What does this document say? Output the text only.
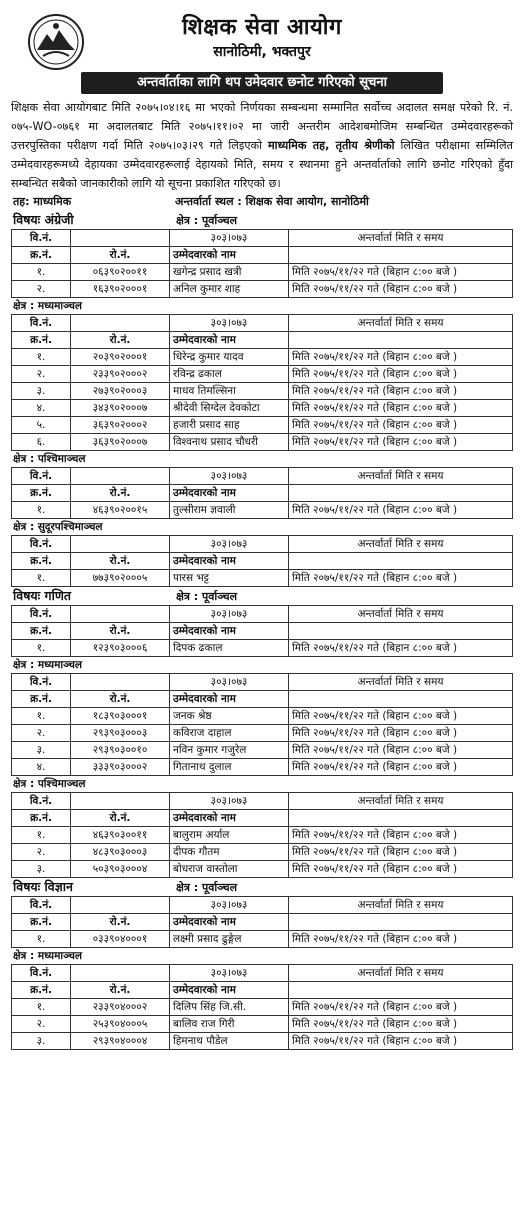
शिक्षक सेवा आयोग
सानोठिमी, भक्तपुर
अन्तर्वार्ताका लागि थप उमेदवार छनोट गरिएको सूचना
शिक्षक सेवा आयोगबाट मिति २०७५।०४।१६ मा भएको निर्णयका सम्बन्धमा सम्मानित सर्वोच्च अदालत समक्ष परेको रि. नं. ०७५-WO-०७६१ मा अदालतबाट मिति २०७५।११।०२ मा जारी अन्तरीम आदेशबमोजिम सम्बन्धित उम्मेदवारहरूको उत्तरपुस्तिका परीक्षण गर्दा मिति २०७५।०३।२९ गते लिइएको माध्यमिक तह, तृतीय श्रेणीको लिखित परीक्षामा सम्मिलित उम्मेदवारहरूमध्ये देहायका उम्मेदवारहरूलाई देहायको मिति, समय र स्थानमा हुने अन्तर्वार्ताको लागि छनोट गरिएको हुँदा सम्बन्धित सबैको जानकारीको लागि यो सूचना प्रकाशित गरिएको छ।
तह: माध्यमिक	अन्तर्वार्ता स्थल : शिक्षक सेवा आयोग, सानोठिमी
विषयः अंग्रेजी	क्षेत्र : पूर्वाञ्चल
वि.नं.		३०३।०७३	अन्तर्वार्ता मिति र समय
क्र.नं.	रो.नं.	उम्मेदवारको नाम	
१.	०६३९०२००११	खगेन्द्र प्रसाद खत्री	मिति २०७५/११/२२ गते (बिहान ८:०० बजे )
२.	१६३९०२०००१	अनिल कुमार शाह	मिति २०७५/११/२२ गते (बिहान ८:०० बजे )
क्षेत्र : मध्यमाञ्चल
वि.नं.		३०३।०७३	अन्तर्वार्ता मिति र समय
क्र.नं.	रो.नं.	उम्मेदवारको नाम	
१.	२०३९०२०००१	धिरेन्द्र कुमार यादव	मिति २०७५/११/२२ गते (बिहान ८:०० बजे )
२.	२३३९०२०००२	रविन्द्र ढकाल	मिति २०७५/११/२२ गते (बिहान ८:०० बजे )
३.	२७३९०२०००३	माधव तिमल्सिना	मिति २०७५/११/२२ गते (बिहान ८:०० बजे )
४.	३४३९०२०००७	श्रीदेवी सिग्देल देवकोटा	मिति २०७५/११/२२ गते (बिहान ८:०० बजे )
५.	३६३९०२०००२	हजारी प्रसाद साह	मिति २०७५/११/२२ गते (बिहान ८:०० बजे )
६.	३६३९०२०००७	विश्वनाथ प्रसाद चौधरी	मिति २०७५/११/२२ गते (बिहान ८:०० बजे )
क्षेत्र : पश्चिमाञ्चल
वि.नं.		३०३।०७३	अन्तर्वार्ता मिति र समय
क्र.नं.	रो.नं.	उम्मेदवारको नाम	
१.	४६३९०२००१५	तुल्सीराम ज्ञवाली	मिति २०७५/११/२२ गते (बिहान ८:०० बजे )
क्षेत्र : सुदूरपश्चिमाञ्चल
वि.नं.		३०३।०७३	अन्तर्वार्ता मिति र समय
क्र.नं.	रो.नं.	उम्मेदवारको नाम	
१.	७७३९०२०००५	पारस भट्ट	मिति २०७५/११/२२ गते (बिहान ८:०० बजे )
विषयः गणित	क्षेत्र : पूर्वाञ्चल
वि.नं.		३०३।०७३	अन्तर्वार्ता मिति र समय
क्र.नं.	रो.नं.	उम्मेदवारको नाम	
१.	१२३९०३०००६	दिपक ढकाल	मिति २०७५/११/२२ गते (बिहान ८:०० बजे )
क्षेत्र : मध्यमाञ्चल
वि.नं.		३०३।०७३	अन्तर्वार्ता मिति र समय
क्र.नं.	रो.नं.	उम्मेदवारको नाम	
१.	१८३९०३०००१	जनक श्रेष्ठ	मिति २०७५/११/२२ गते (बिहान ८:०० बजे )
२.	२९३९०३०००३	कविराज दाहाल	मिति २०७५/११/२२ गते (बिहान ८:०० बजे )
३.	२९३९०३००१०	नविन कुमार गजुरेल	मिति २०७५/११/२२ गते (बिहान ८:०० बजे )
४.	३३३९०३०००२	गितानाथ दुलाल	मिति २०७५/११/२२ गते (बिहान ८:०० बजे )
क्षेत्र : पश्चिमाञ्चल
वि.नं.		३०३।०७३	अन्तर्वार्ता मिति र समय
क्र.नं.	रो.नं.	उम्मेदवारको नाम	
१.	४६३९०३००११	बालुराम अर्याल	मिति २०७५/११/२२ गते (बिहान ८:०० बजे )
२.	४८३९०३०००३	दीपक गौतम	मिति २०७५/११/२२ गते (बिहान ८:०० बजे )
३.	५०३९०३०००४	बोधराज वास्तोला	मिति २०७५/११/२२ गते (बिहान ८:०० बजे )
विषयः विज्ञान	क्षेत्र : पूर्वाञ्चल
वि.नं.		३०३।०७३	अन्तर्वार्ता मिति र समय
क्र.नं.	रो.नं.	उम्मेदवारको नाम	
१.	०३३९०४०००१	लक्ष्मी प्रसाद ढुङ्गेल	मिति २०७५/११/२२ गते (बिहान ८:०० बजे )
क्षेत्र : मध्यमाञ्चल
वि.नं.		३०३।०७३	अन्तर्वार्ता मिति र समय
क्र.नं.	रो.नं.	उम्मेदवारको नाम	
१.	२३३९०४०००२	दिलिप सिंह जि.सी.	मिति २०७५/११/२२ गते (बिहान ८:०० बजे )
२.	२५३९०४०००५	बालिव राज गिरी	मिति २०७५/११/२२ गते (बिहान ८:०० बजे )
३.	२९३९०४०००४	हिमनाथ पौडेल	मिति २०७५/११/२२ गते (बिहान ८:०० बजे )
